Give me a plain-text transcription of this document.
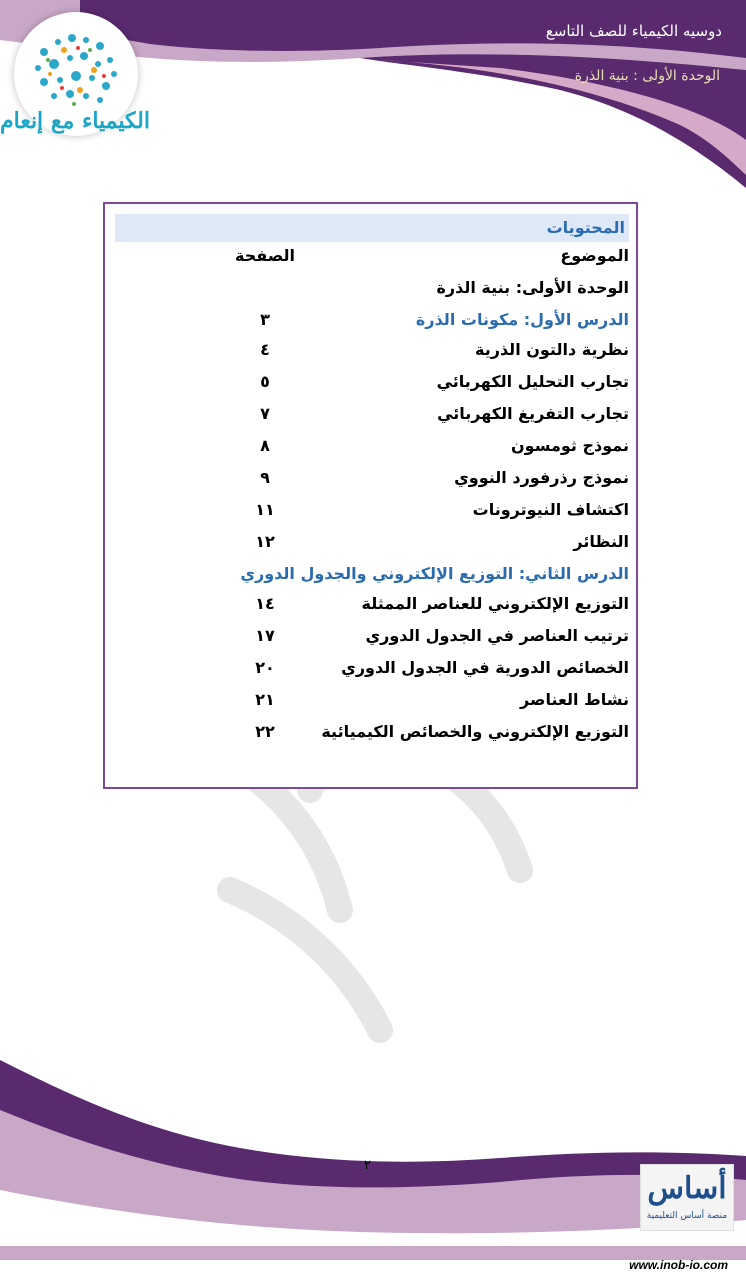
دوسيه الكيمياء للصف التاسع
الوحدة الأولى : بنية الذرة
الكيمياء مع إنعام
المحتويات
الموضوع
الصفحة
الوحدة الأولى: بنية الذرة
الدرس الأول: مكونات الذرة
٣
نظرية دالتون الذرية
٤
تجارب التحليل الكهربائي
٥
تجارب التفريغ الكهربائي
٧
نموذج ثومسون
٨
نموذج رذرفورد النووي
٩
اكتشاف النيوترونات
١١
النظائر
١٢
الدرس الثاني: التوزيع الإلكتروني والجدول الدوري
التوزيع الإلكتروني للعناصر الممثلة
١٤
ترتيب العناصر في الجدول الدوري
١٧
الخصائص الدورية في الجدول الدوري
٢٠
نشاط العناصر
٢١
التوزيع الإلكتروني والخصائص الكيميائية
٢٢
٢
أساس
منصة أساس التعليمية
www.inob-io.com
